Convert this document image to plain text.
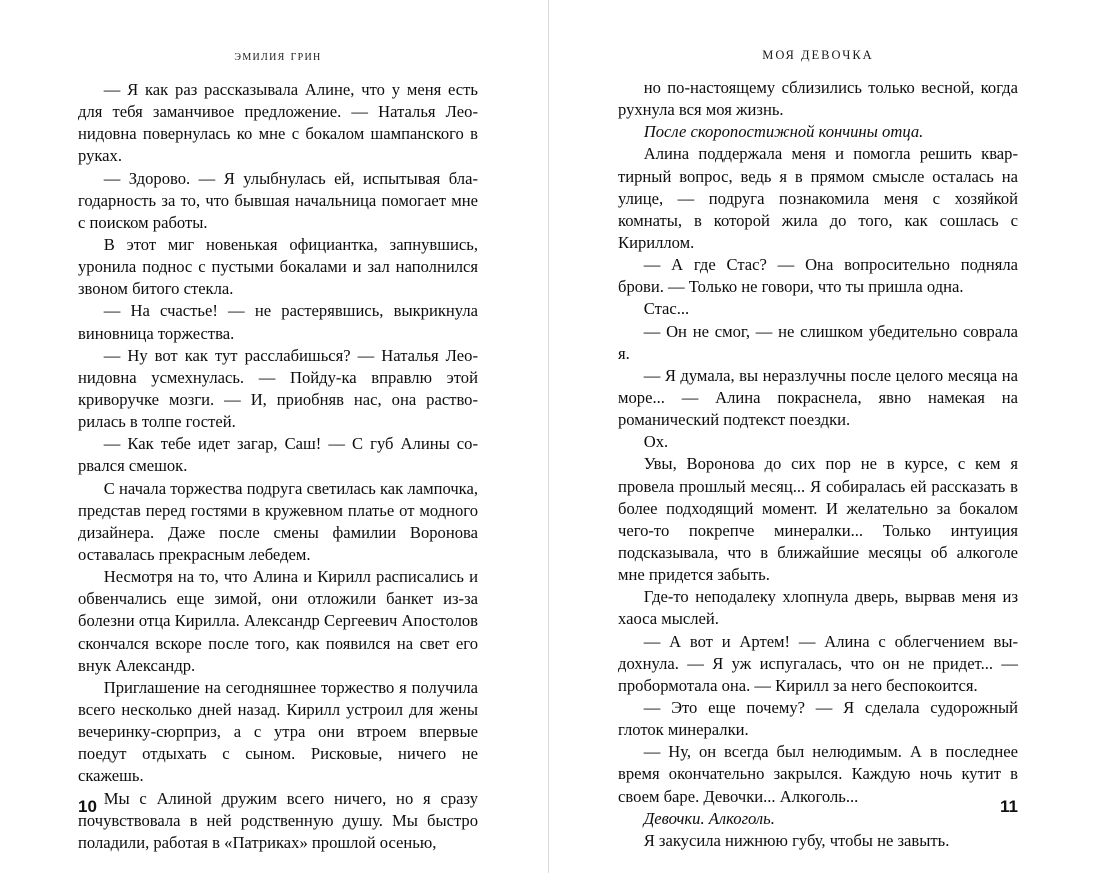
эмилия грин

— Я как раз рассказывала Алине, что у меня есть для тебя заманчивое предложение. — Наталья Леонидовна повернулась ко мне с бокалом шампанского в руках.

— Здорово. — Я улыбнулась ей, испытывая благодарность за то, что бывшая начальница помогает мне с поиском работы.

В этот миг новенькая официантка, запнувшись, уронила поднос с пустыми бокалами и зал наполнился звоном битого стекла.

— На счастье! — не растерявшись, выкрикнула виновница торжества.

— Ну вот как тут расслабишься? — Наталья Леонидовна усмехнулась. — Пойду-ка вправлю этой криворучке мозги. — И, приобняв нас, она растворилась в толпе гостей.

— Как тебе идет загар, Саш! — С губ Алины сорвался смешок.

С начала торжества подруга светилась как лампочка, представ перед гостями в кружевном платье от модного дизайнера. Даже после смены фамилии Воронова оставалась прекрасным лебедем.

Несмотря на то, что Алина и Кирилл расписались и обвенчались еще зимой, они отложили банкет из-за болезни отца Кирилла. Александр Сергеевич Апостолов скончался вскоре после того, как появился на свет его внук Александр.

Приглашение на сегодняшнее торжество я получила всего несколько дней назад. Кирилл устроил для жены вечеринку-сюрприз, а с утра они втроем впервые поедут отдыхать с сыном. Рисковые, ничего не скажешь.

Мы с Алиной дружим всего ничего, но я сразу почувствовала в ней родственную душу. Мы быстро поладили, работая в «Патриках» прошлой осенью,

10
МОЯ ДЕВОЧКА

но по-настоящему сблизились только весной, когда рухнула вся моя жизнь.

После скоропостижной кончины отца.

Алина поддержала меня и помогла решить квартирный вопрос, ведь я в прямом смысле осталась на улице, — подруга познакомила меня с хозяйкой комнаты, в которой жила до того, как сошлась с Кириллом.

— А где Стас? — Она вопросительно подняла брови. — Только не говори, что ты пришла одна.

Стас...

— Он не смог, — не слишком убедительно соврала я.

— Я думала, вы неразлучны после целого месяца на море... — Алина покраснела, явно намекая на романический подтекст поездки.

Ох.

Увы, Воронова до сих пор не в курсе, с кем я провела прошлый месяц... Я собиралась ей рассказать в более подходящий момент. И желательно за бокалом чего-то покрепче минералки... Только интуиция подсказывала, что в ближайшие месяцы об алкоголе мне придется забыть.

Где-то неподалеку хлопнула дверь, вырвав меня из хаоса мыслей.

— А вот и Артем! — Алина с облегчением выдохнула. — Я уж испугалась, что он не придет... — пробормотала она. — Кирилл за него беспокоится.

— Это еще почему? — Я сделала судорожный глоток минералки.

— Ну, он всегда был нелюдимым. А в последнее время окончательно закрылся. Каждую ночь кутит в своем баре. Девочки... Алкоголь...

Девочки. Алкоголь.

Я закусила нижнюю губу, чтобы не завыть.

11
